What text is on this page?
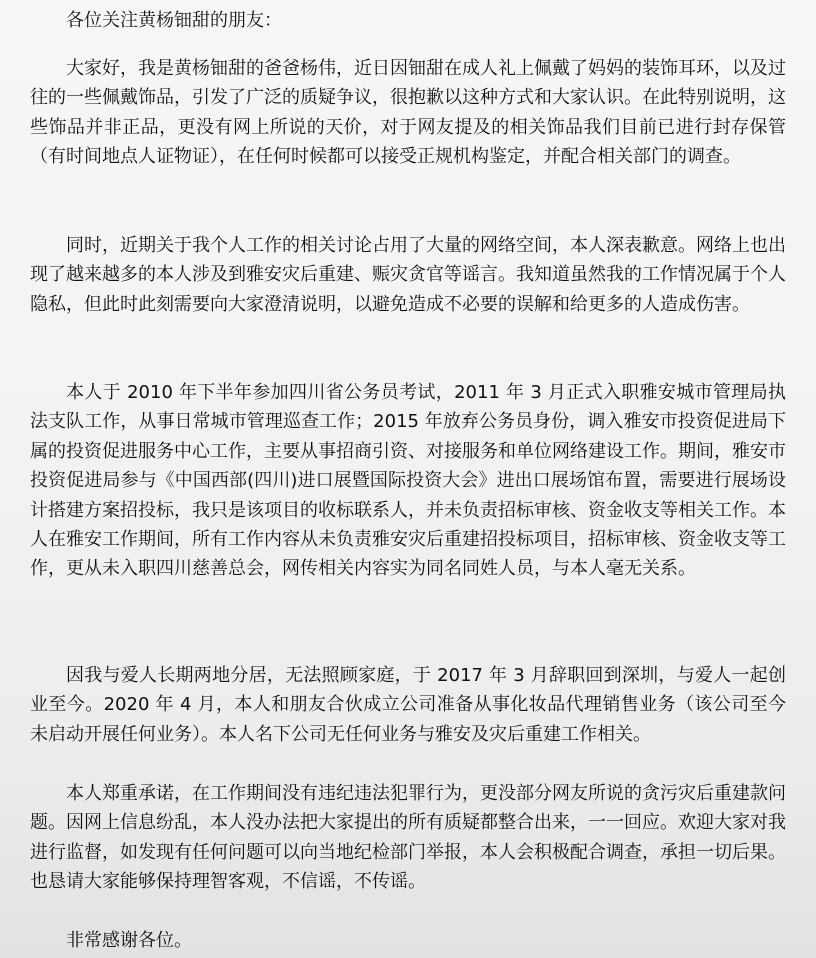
各位关注黄杨钿甜的朋友：

大家好，我是黄杨钿甜的爸爸杨伟，近日因钿甜在成人礼上佩戴了妈妈的装饰耳环，以及过往的一些佩戴饰品，引发了广泛的质疑争议，很抱歉以这种方式和大家认识。在此特别说明，这些饰品并非正品，更没有网上所说的天价，对于网友提及的相关饰品我们目前已进行封存保管（有时间地点人证物证），在任何时候都可以接受正规机构鉴定，并配合相关部门的调查。

同时，近期关于我个人工作的相关讨论占用了大量的网络空间，本人深表歉意。网络上也出现了越来越多的本人涉及到雅安灾后重建、赈灾贪官等谣言。我知道虽然我的工作情况属于个人隐私，但此时此刻需要向大家澄清说明，以避免造成不必要的误解和给更多的人造成伤害。

本人于 2010 年下半年参加四川省公务员考试，2011 年 3 月正式入职雅安城市管理局执法支队工作，从事日常城市管理巡查工作；2015 年放弃公务员身份，调入雅安市投资促进局下属的投资促进服务中心工作，主要从事招商引资、对接服务和单位网络建设工作。期间，雅安市投资促进局参与《中国西部(四川)进口展暨国际投资大会》进出口展场馆布置，需要进行展场设计搭建方案招投标，我只是该项目的收标联系人，并未负责招标审核、资金收支等相关工作。本人在雅安工作期间，所有工作内容从未负责雅安灾后重建招投标项目，招标审核、资金收支等工作，更从未入职四川慈善总会，网传相关内容实为同名同姓人员，与本人毫无关系。

因我与爱人长期两地分居，无法照顾家庭，于 2017 年 3 月辞职回到深圳，与爱人一起创业至今。2020 年 4 月，本人和朋友合伙成立公司准备从事化妆品代理销售业务（该公司至今未启动开展任何业务）。本人名下公司无任何业务与雅安及灾后重建工作相关。

本人郑重承诺，在工作期间没有违纪违法犯罪行为，更没部分网友所说的贪污灾后重建款问题。因网上信息纷乱，本人没办法把大家提出的所有质疑都整合出来，一一回应。欢迎大家对我进行监督，如发现有任何问题可以向当地纪检部门举报，本人会积极配合调查，承担一切后果。也恳请大家能够保持理智客观，不信谣，不传谣。

非常感谢各位。
